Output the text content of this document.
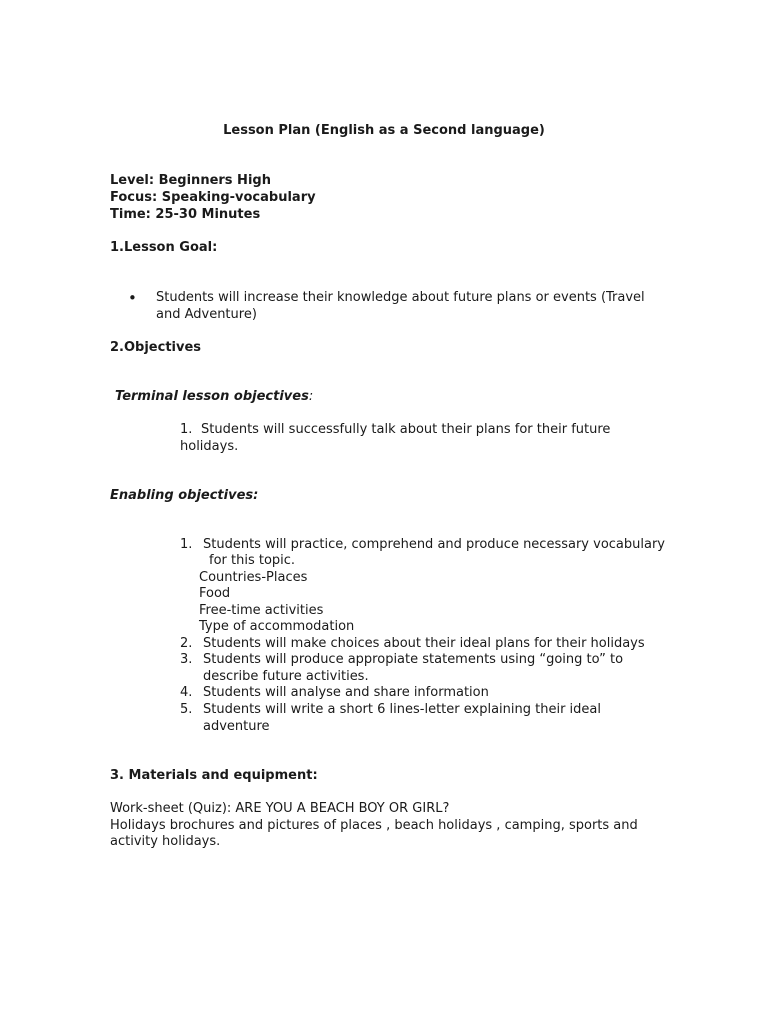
Lesson Plan (English as a Second language)
Level: Beginners High
Focus: Speaking-vocabulary
Time: 25-30 Minutes
1.Lesson Goal:
• Students will increase their knowledge about future plans or events (Travel
and Adventure)
2.Objectives
Terminal lesson objectives:
1. Students will successfully talk about their plans for their future
holidays.
Enabling objectives:
1. Students will practice, comprehend and produce necessary vocabulary
for this topic.
Countries-Places
Food
Free-time activities
Type of accommodation
2. Students will make choices about their ideal plans for their holidays
3. Students will produce appropiate statements using “going to” to
describe future activities.
4. Students will analyse and share information
5. Students will write a short 6 lines-letter explaining their ideal
adventure
3. Materials and equipment:
Work-sheet (Quiz): ARE YOU A BEACH BOY OR GIRL?
Holidays brochures and pictures of places , beach holidays , camping, sports and
activity holidays.
